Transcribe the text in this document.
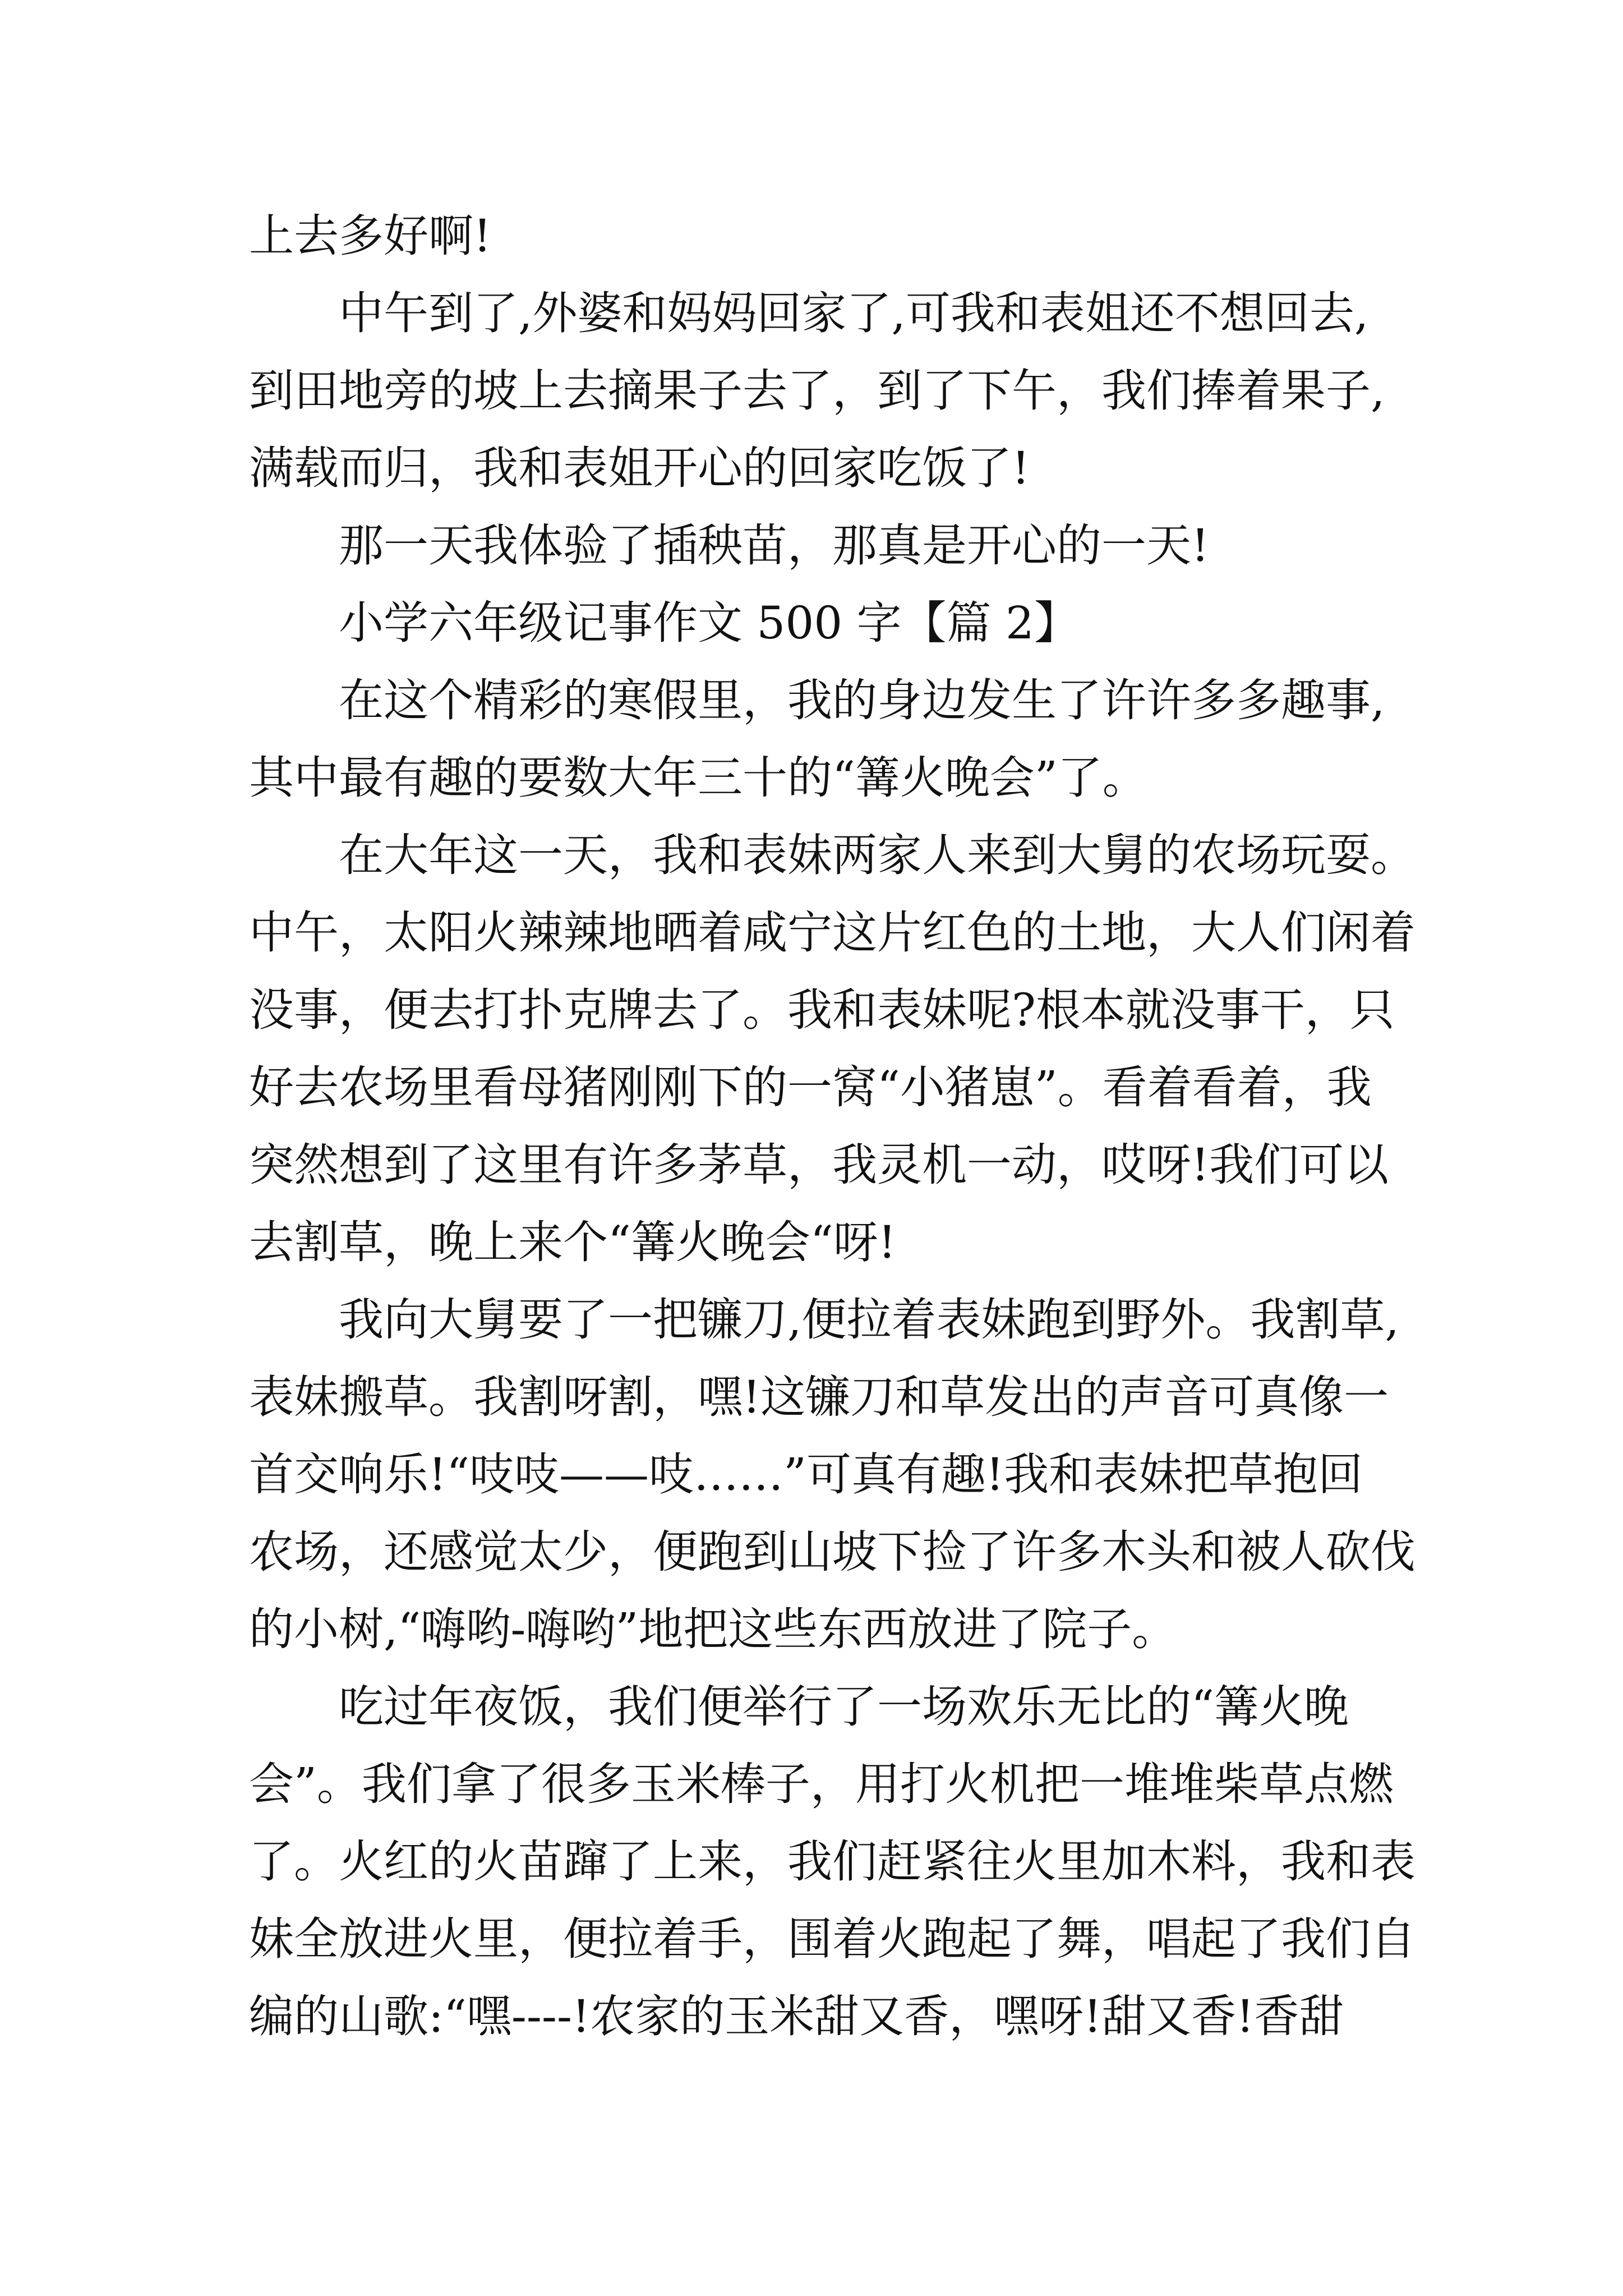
上去多好啊!
中午到了,外婆和妈妈回家了,可我和表姐还不想回去,
到田地旁的坡上去摘果子去了，到了下午，我们捧着果子,
满载而归，我和表姐开心的回家吃饭了!
那一天我体验了插秧苗，那真是开心的一天!
小学六年级记事作文 500 字【篇 2】
在这个精彩的寒假里，我的身边发生了许许多多趣事,
其中最有趣的要数大年三十的“篝火晚会”了。
在大年这一天，我和表妹两家人来到大舅的农场玩耍。
中午，太阳火辣辣地晒着咸宁这片红色的土地，大人们闲着
没事，便去打扑克牌去了。我和表妹呢?根本就没事干，只
好去农场里看母猪刚刚下的一窝“小猪崽”。看着看着，我
突然想到了这里有许多茅草，我灵机一动，哎呀!我们可以
去割草，晚上来个“篝火晚会“呀!
我向大舅要了一把镰刀,便拉着表妹跑到野外。我割草,
表妹搬草。我割呀割，嘿!这镰刀和草发出的声音可真像一
首交响乐!“吱吱——吱……”可真有趣!我和表妹把草抱回
农场，还感觉太少，便跑到山坡下捡了许多木头和被人砍伐
的小树,“嗨哟-嗨哟”地把这些东西放进了院子。
吃过年夜饭，我们便举行了一场欢乐无比的“篝火晚
会”。我们拿了很多玉米棒子，用打火机把一堆堆柴草点燃
了。火红的火苗蹿了上来，我们赶紧往火里加木料，我和表
妹全放进火里，便拉着手，围着火跑起了舞，唱起了我们自
编的山歌:“嘿----!农家的玉米甜又香，嘿呀!甜又香!香甜
